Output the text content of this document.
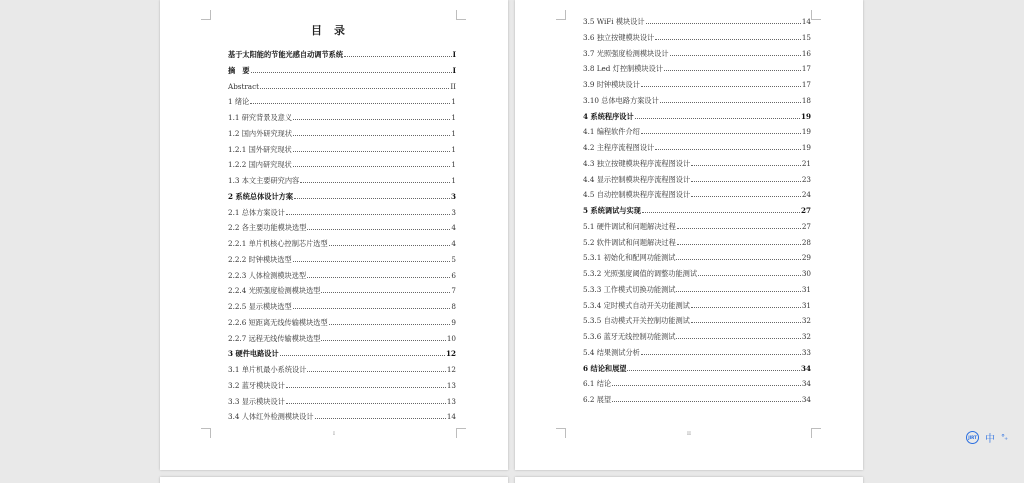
目录
基于太阳能的节能光感自动调节系统	I
摘　要	I
Abstract	II
1 绪论	1
1.1 研究背景及意义	1
1.2 国内外研究现状	1
1.2.1 国外研究现状	1
1.2.2 国内研究现状	1
1.3 本文主要研究内容	1
2 系统总体设计方案	3
2.1 总体方案设计	3
2.2 各主要功能模块选型	4
2.2.1 单片机核心控制芯片选型	4
2.2.2 时钟模块选型	5
2.2.3 人体检测模块选型	6
2.2.4 光照强度检测模块选型	7
2.2.5 显示模块选型	8
2.2.6 短距离无线传输模块选型	9
2.2.7 远程无线传输模块选型	10
3 硬件电路设计	12
3.1 单片机最小系统设计	12
3.2 蓝牙模块设计	13
3.3 显示模块设计	13
3.4 人体红外检测模块设计	14
I
3.5 WiFi 模块设计	14
3.6 独立按键模块设计	15
3.7 光照强度检测模块设计	16
3.8 Led 灯控制模块设计	17
3.9 时钟模块设计	17
3.10 总体电路方案设计	18
4 系统程序设计	19
4.1 编程软件介绍	19
4.2 主程序流程图设计	19
4.3 独立按键模块程序流程图设计	21
4.4 显示控制模块程序流程图设计	23
4.5 自动控制模块程序流程图设计	24
5 系统调试与实现	27
5.1 硬件调试和问题解决过程	27
5.2 软件调试和问题解决过程	28
5.3.1 初始化和配网功能测试	29
5.3.2 光照强度阈值的调整功能测试	30
5.3.3 工作模式切换功能测试	31
5.3.4 定时模式自动开关功能测试	31
5.3.5 自动模式开关控制功能测试	32
5.3.6 蓝牙无线控制功能测试	32
5.4 结果测试分析	33
6 结论和展望	34
6.1 结论	34
6.2 展望	34
II
JIRT 中 °₊
